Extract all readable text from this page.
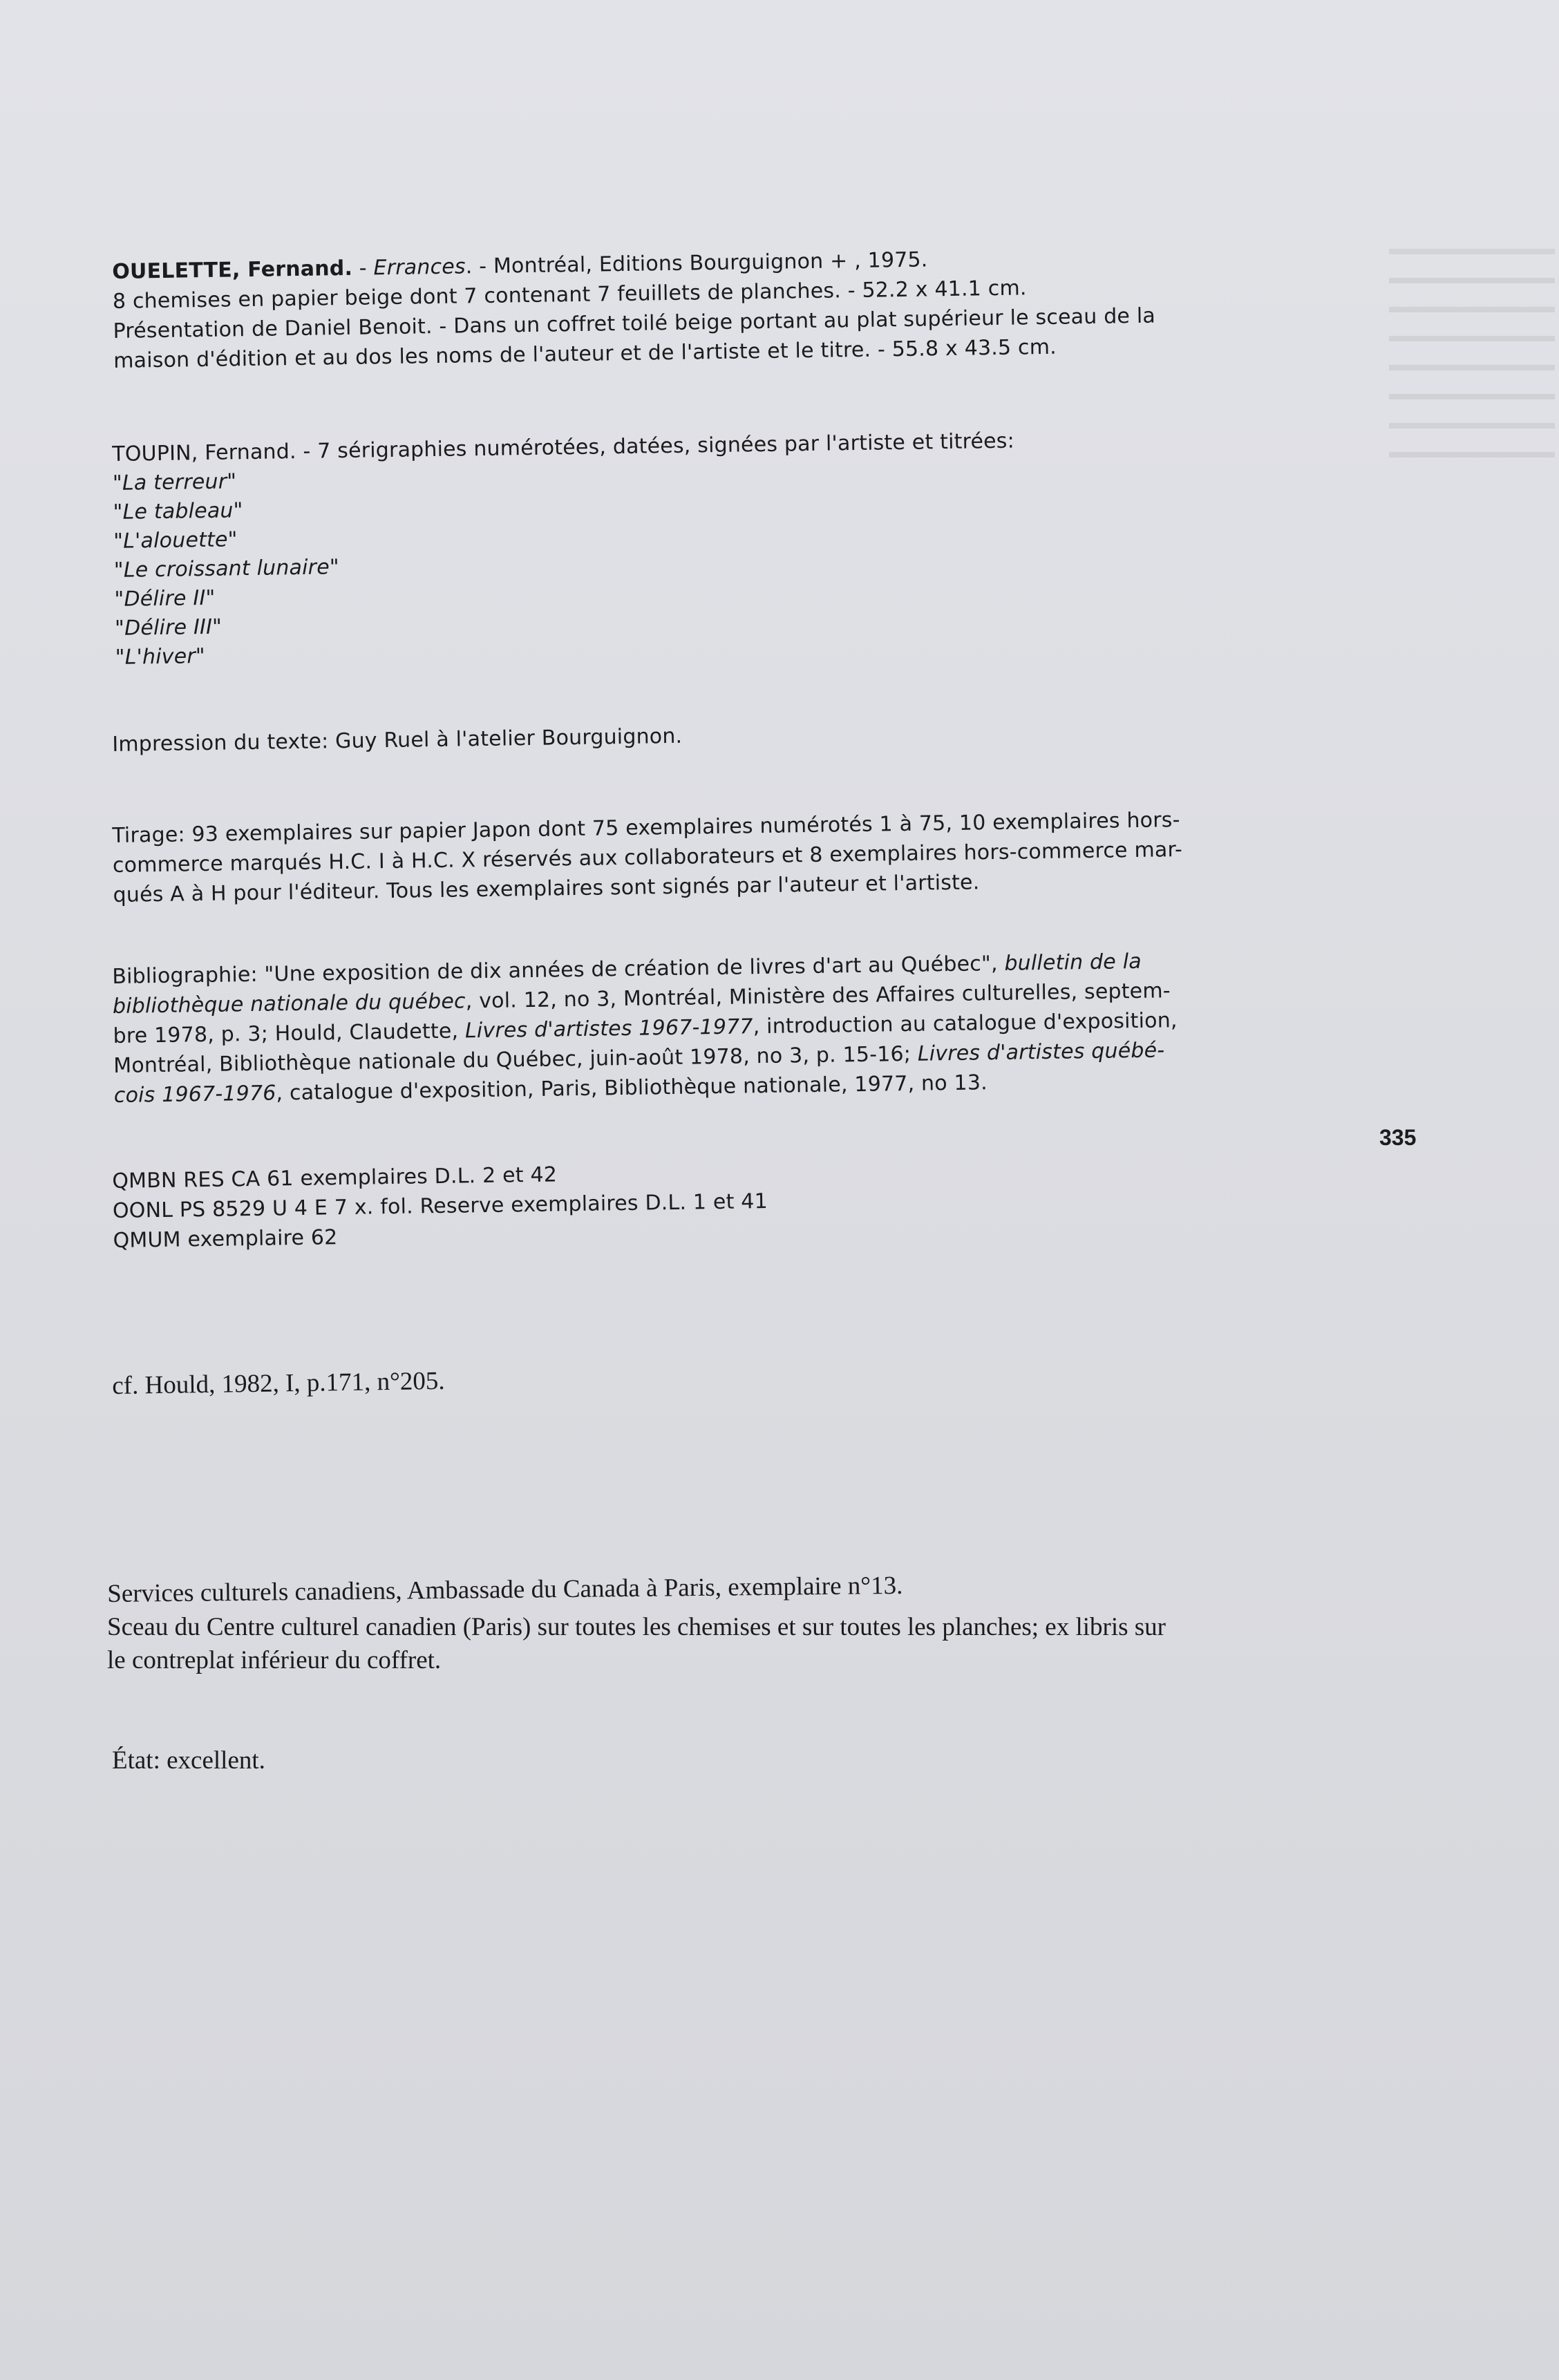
OUELETTE, Fernand. - Errances. - Montréal, Editions Bourguignon + , 1975.
8 chemises en papier beige dont 7 contenant 7 feuillets de planches. - 52.2 x 41.1 cm.
Présentation de Daniel Benoit. - Dans un coffret toilé beige portant au plat supérieur le sceau de la
maison d'édition et au dos les noms de l'auteur et de l'artiste et le titre. - 55.8 x 43.5 cm.
TOUPIN, Fernand. - 7 sérigraphies numérotées, datées, signées par l'artiste et titrées:
"La terreur"
"Le tableau"
"L'alouette"
"Le croissant lunaire"
"Délire II"
"Délire III"
"L'hiver"
Impression du texte: Guy Ruel à l'atelier Bourguignon.
Tirage: 93 exemplaires sur papier Japon dont 75 exemplaires numérotés 1 à 75, 10 exemplaires hors-
commerce marqués H.C. I à H.C. X réservés aux collaborateurs et 8 exemplaires hors-commerce mar-
qués A à H pour l'éditeur. Tous les exemplaires sont signés par l'auteur et l'artiste.
Bibliographie: "Une exposition de dix années de création de livres d'art au Québec", bulletin de la
bibliothèque nationale du québec, vol. 12, no 3, Montréal, Ministère des Affaires culturelles, septem-
bre 1978, p. 3; Hould, Claudette, Livres d'artistes 1967-1977, introduction au catalogue d'exposition,
Montréal, Bibliothèque nationale du Québec, juin-août 1978, no 3, p. 15-16; Livres d'artistes québé-
cois 1967-1976, catalogue d'exposition, Paris, Bibliothèque nationale, 1977, no 13.
QMBN RES CA 61 exemplaires D.L. 2 et 42
OONL PS 8529 U 4 E 7 x. fol. Reserve exemplaires D.L. 1 et 41
QMUM exemplaire 62
cf. Hould, 1982, I, p.171, n°205.
Services culturels canadiens, Ambassade du Canada à Paris, exemplaire n°13.
Sceau du Centre culturel canadien (Paris) sur toutes les chemises et sur toutes les planches; ex libris sur
le contreplat inférieur du coffret.
État: excellent.
335
